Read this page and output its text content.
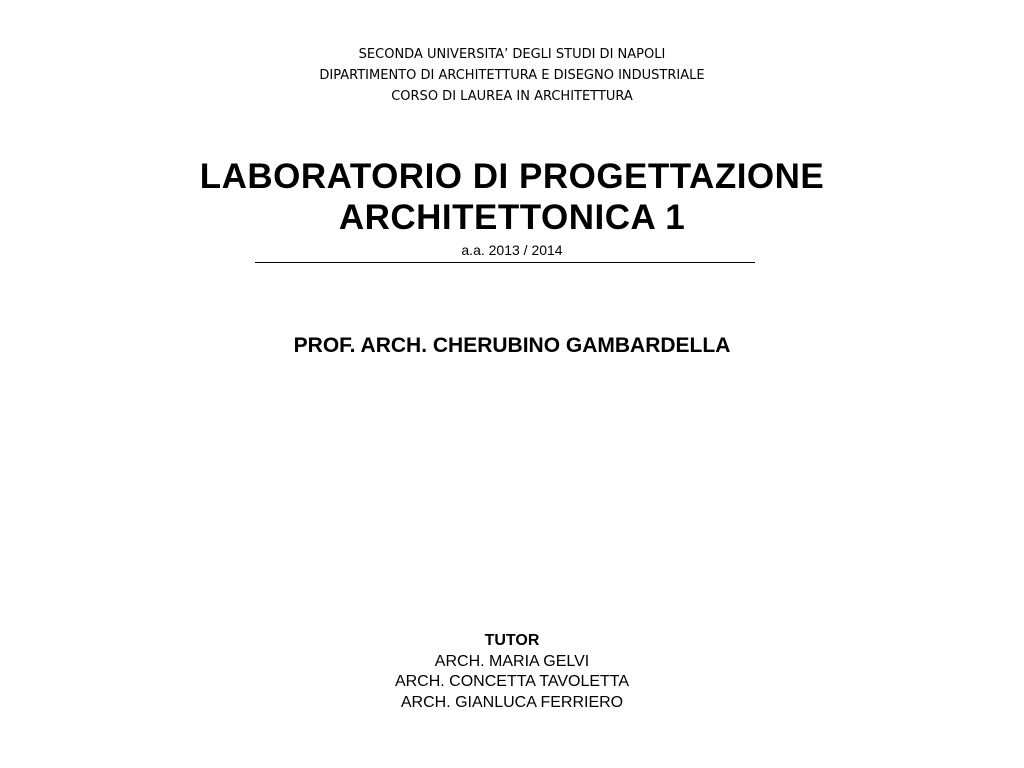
SECONDA UNIVERSITA’ DEGLI STUDI DI NAPOLI
DIPARTIMENTO DI ARCHITETTURA E DISEGNO INDUSTRIALE
CORSO DI LAUREA IN ARCHITETTURA
LABORATORIO DI PROGETTAZIONE
ARCHITETTONICA 1
a.a. 2013 / 2014
PROF. ARCH. CHERUBINO GAMBARDELLA
TUTOR
ARCH. MARIA GELVI
ARCH. CONCETTA TAVOLETTA
ARCH. GIANLUCA FERRIERO
